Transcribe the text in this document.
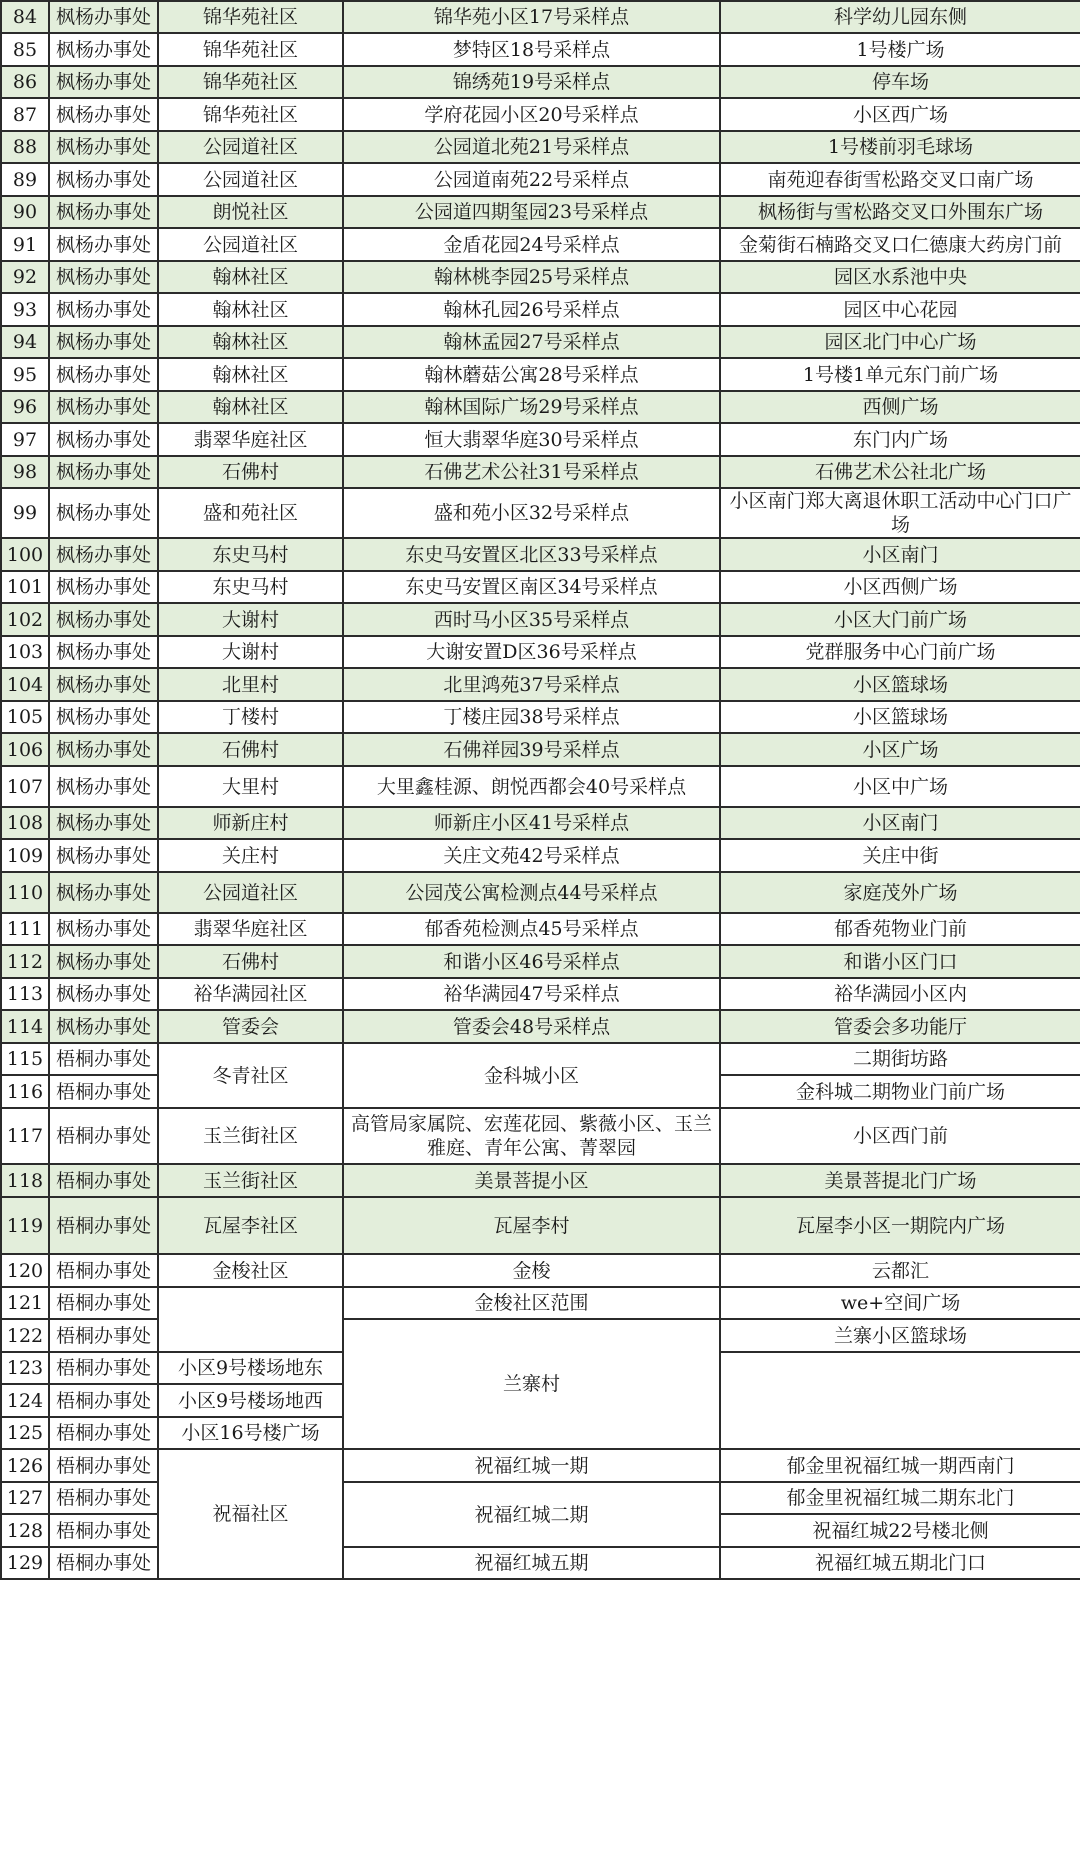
84	枫杨办事处	锦华苑社区	锦华苑小区17号采样点	科学幼儿园东侧
85	枫杨办事处	锦华苑社区	梦特区18号采样点	1号楼广场
86	枫杨办事处	锦华苑社区	锦绣苑19号采样点	停车场
87	枫杨办事处	锦华苑社区	学府花园小区20号采样点	小区西广场
88	枫杨办事处	公园道社区	公园道北苑21号采样点	1号楼前羽毛球场
89	枫杨办事处	公园道社区	公园道南苑22号采样点	南苑迎春街雪松路交叉口南广场
90	枫杨办事处	朗悦社区	公园道四期玺园23号采样点	枫杨街与雪松路交叉口外围东广场
91	枫杨办事处	公园道社区	金盾花园24号采样点	金菊街石楠路交叉口仁德康大药房门前
92	枫杨办事处	翰林社区	翰林桃李园25号采样点	园区水系池中央
93	枫杨办事处	翰林社区	翰林孔园26号采样点	园区中心花园
94	枫杨办事处	翰林社区	翰林孟园27号采样点	园区北门中心广场
95	枫杨办事处	翰林社区	翰林蘑菇公寓28号采样点	1号楼1单元东门前广场
96	枫杨办事处	翰林社区	翰林国际广场29号采样点	西侧广场
97	枫杨办事处	翡翠华庭社区	恒大翡翠华庭30号采样点	东门内广场
98	枫杨办事处	石佛村	石佛艺术公社31号采样点	石佛艺术公社北广场
99	枫杨办事处	盛和苑社区	盛和苑小区32号采样点	小区南门郑大离退休职工活动中心门口广场
100	枫杨办事处	东史马村	东史马安置区北区33号采样点	小区南门
101	枫杨办事处	东史马村	东史马安置区南区34号采样点	小区西侧广场
102	枫杨办事处	大谢村	西时马小区35号采样点	小区大门前广场
103	枫杨办事处	大谢村	大谢安置D区36号采样点	党群服务中心门前广场
104	枫杨办事处	北里村	北里鸿苑37号采样点	小区篮球场
105	枫杨办事处	丁楼村	丁楼庄园38号采样点	小区篮球场
106	枫杨办事处	石佛村	石佛祥园39号采样点	小区广场
107	枫杨办事处	大里村	大里鑫桂源、朗悦西都会40号采样点	小区中广场
108	枫杨办事处	师新庄村	师新庄小区41号采样点	小区南门
109	枫杨办事处	关庄村	关庄文苑42号采样点	关庄中街
110	枫杨办事处	公园道社区	公园茂公寓检测点44号采样点	家庭茂外广场
111	枫杨办事处	翡翠华庭社区	郁香苑检测点45号采样点	郁香苑物业门前
112	枫杨办事处	石佛村	和谐小区46号采样点	和谐小区门口
113	枫杨办事处	裕华满园社区	裕华满园47号采样点	裕华满园小区内
114	枫杨办事处	管委会	管委会48号采样点	管委会多功能厅
115	梧桐办事处	冬青社区	金科城小区	二期街坊路
116	梧桐办事处			金科城二期物业门前广场
117	梧桐办事处	玉兰街社区	高管局家属院、宏莲花园、紫薇小区、玉兰雅庭、青年公寓、菁翠园	小区西门前
118	梧桐办事处	玉兰街社区	美景菩提小区	美景菩提北门广场
119	梧桐办事处	瓦屋李社区	瓦屋李村	瓦屋李小区一期院内广场
120	梧桐办事处	金梭社区	金梭	云都汇
121	梧桐办事处		金梭社区范围	we+空间广场
122	梧桐办事处		兰寨村	兰寨小区篮球场
123	梧桐办事处	小区9号楼场地东		
124	梧桐办事处	小区9号楼场地西		
125	梧桐办事处	小区16号楼广场		
126	梧桐办事处	祝福社区	祝福红城一期	郁金里祝福红城一期西南门
127	梧桐办事处		祝福红城二期	郁金里祝福红城二期东北门
128	梧桐办事处			祝福红城22号楼北侧
129	梧桐办事处		祝福红城五期	祝福红城五期北门口
